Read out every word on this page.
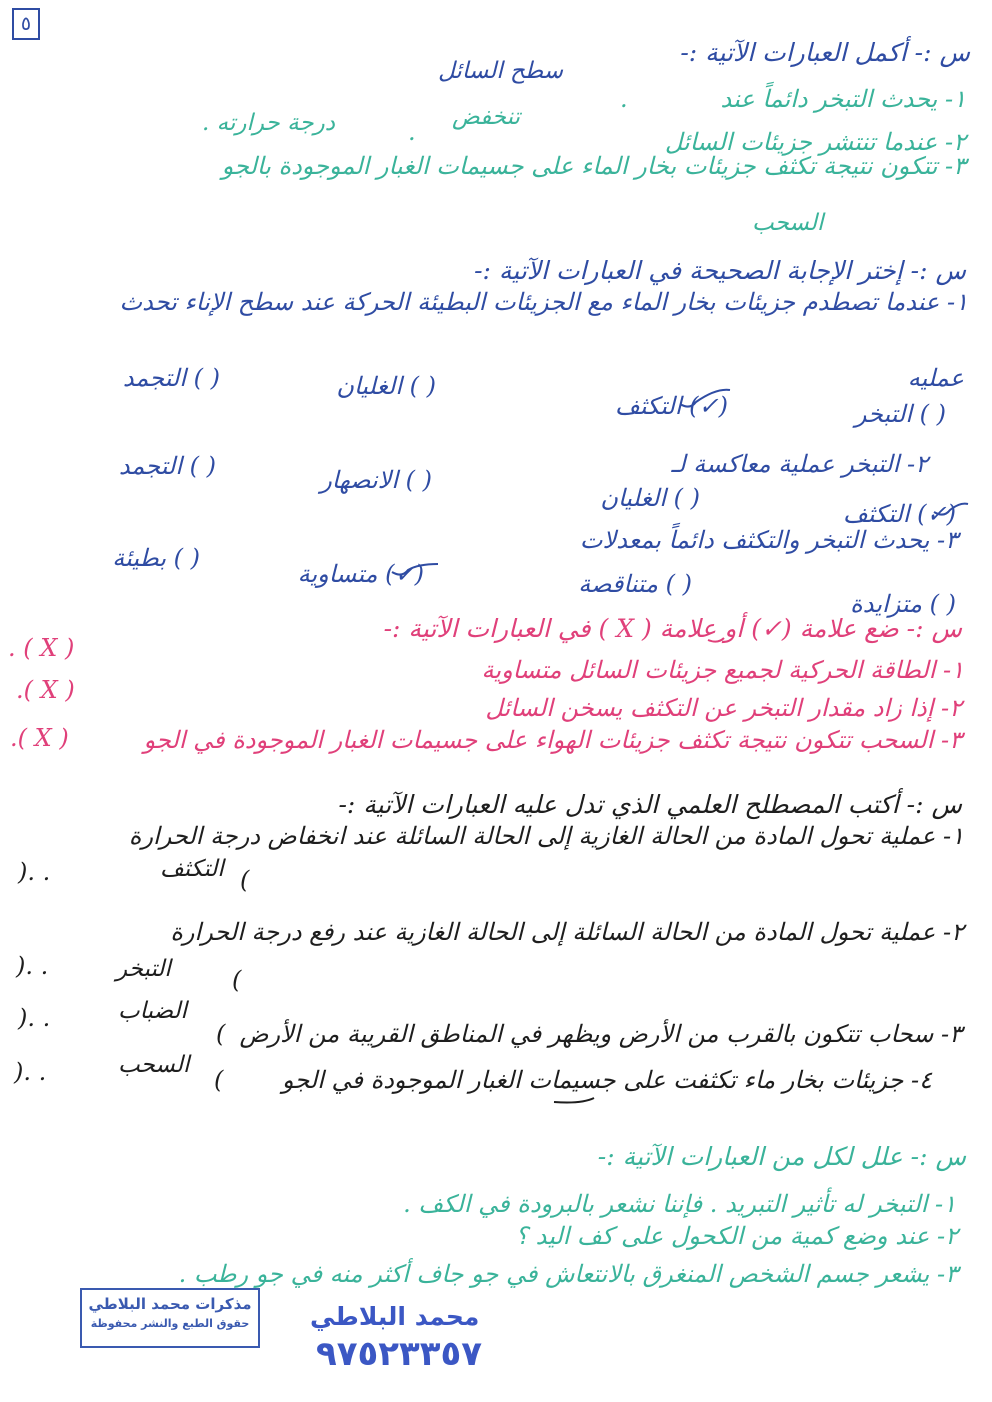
٥
س :- أكمل العبارات الآتية :-
سطح السائل
١- يحدث التبخر دائماً عند
.
٢- عندما تنتشر جزيئات السائل
تنخفض
.
درجة حرارته .
٣- تتكون نتيجة تكثف جزيئات بخار الماء على جسيمات الغبار الموجودة بالجو
السحب
س :- إختر الإجابة الصحيحة في العبارات الآتية :-
١- عندما تصطدم جزيئات بخار الماء مع الجزيئات البطيئة الحركة عند سطح الإناء تحدث
عمليه
( ) التبخر
(✓) التكثف
( ) الغليان
( ) التجمد
٢- التبخر عملية معاكسة لـ
(✓) التكثف
( ) الغليان
( ) الانصهار
( ) التجمد
٣- يحدث التبخر والتكثف دائماً بمعدلات
( ) متزايدة
( ) متناقصة
(✓) متساوية
( ) بطيئة
س :- ضع علامة (✓) أو علامة ( X ) في العبارات الآتية :-
. ( X )
١- الطاقة الحركية لجميع جزيئات السائل متساوية
.( X )
٢- إذا زاد مقدار التبخر عن التكثف يسخن السائل
٣- السحب تتكون نتيجة تكثف جزيئات الهواء على جسيمات الغبار الموجودة في الجو
.( X )
س :- أكتب المصطلح العلمي الذي تدل عليه العبارات الآتية :-
١- عملية تحول المادة من الحالة الغازية إلى الحالة السائلة عند انخفاض درجة الحرارة
(
التكثف
). .
٢- عملية تحول المادة من الحالة السائلة إلى الحالة الغازية عند رفع درجة الحرارة
(
التبخر
). .
٣- سحاب تتكون بالقرب من الأرض ويظهر في المناطق القريبة من الأرض
(
الضباب
). .
٤- جزيئات بخار ماء تكثفت على جسيمات الغبار الموجودة في الجو
(
السحب
). .
س :- علل لكل من العبارات الآتية :-
١- التبخر له تأثير التبريد . فإننا نشعر بالبرودة في الكف .
٢- عند وضع كمية من الكحول على كف اليد ؟
٣- يشعر جسم الشخص المنغرق بالانتعاش في جو جاف أكثر منه في جو رطب .
مذكرات محمد البلاطي
حقوق الطبع والنشر محفوظة	محمد البلاطي
٩٧٥٢٣٣٥٧
